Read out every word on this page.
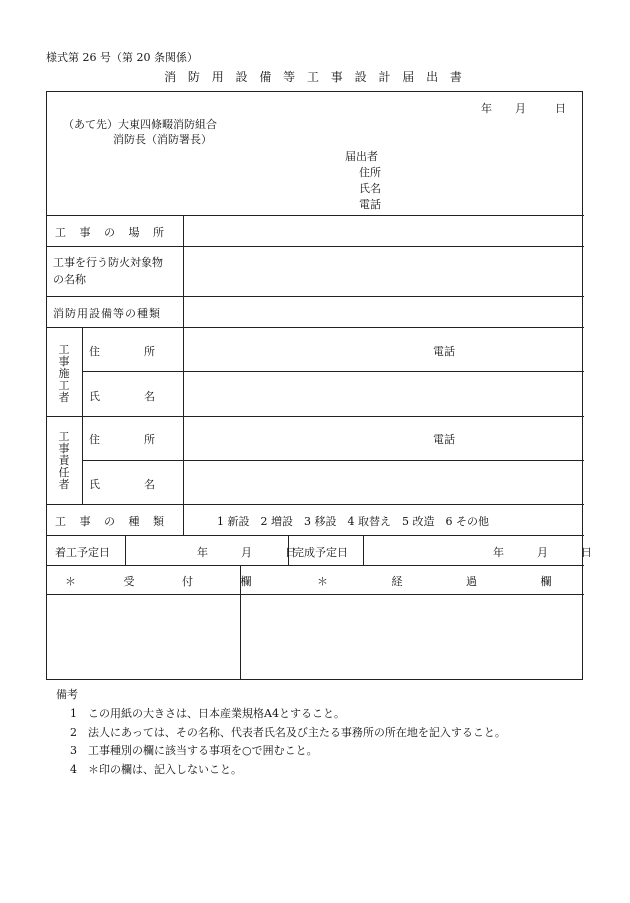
様式第 26 号（第 20 条関係）
消 防 用 設 備 等 工 事 設 計 届 出 書
年 月	日
（あて先）大東四條畷消防組合
消防長（消防署長）
届出者
住所
氏名
電話
工 事 の 場 所
工事を行う防火対象物
の名称
消防用設備等の種類
工事施工者
住　　　　所	電話
氏　　　　名
工事責任者
住　　　　所	電話
氏　　　　名
工 事 の 種 類	1 新設　2 増設　3 移設　4 取替え　5 改造　6 その他
着工予定日	年　　　月　　　日
完成予定日	年　　　月　　　日
＊ 受 付 欄	＊ 経 過 欄
備考
1　この用紙の大きさは、日本産業規格A4とすること。
2　法人にあっては、その名称、代表者氏名及び主たる事務所の所在地を記入すること。
3　工事種別の欄に該当する事項を○で囲むこと。
4　＊印の欄は、記入しないこと。
